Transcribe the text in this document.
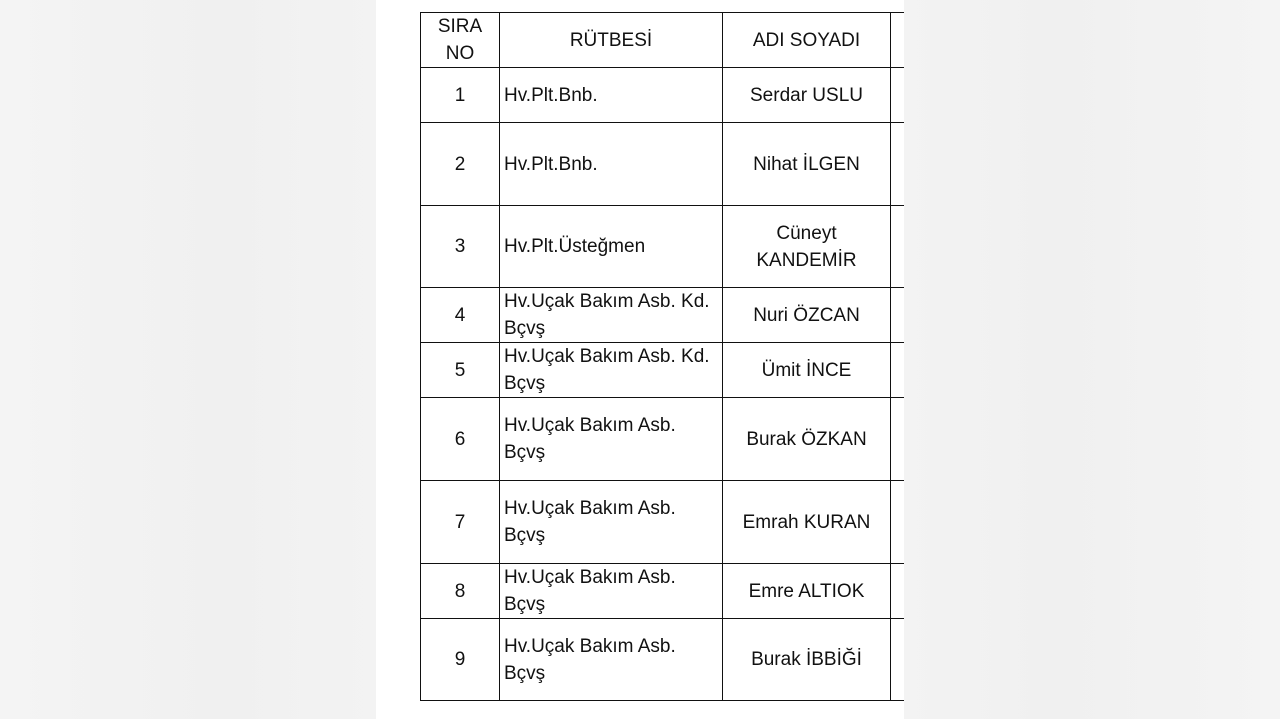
SIRA NO	RÜTBESİ	ADI SOYADI	
1	Hv.Plt.Bnb.	Serdar USLU	
2	Hv.Plt.Bnb.	Nihat İLGEN	
3	Hv.Plt.Üsteğmen	Cüneyt KANDEMİR	
4	Hv.Uçak Bakım Asb. Kd. Bçvş	Nuri ÖZCAN	
5	Hv.Uçak Bakım Asb. Kd. Bçvş	Ümit İNCE	
6	Hv.Uçak Bakım Asb. Bçvş	Burak ÖZKAN	
7	Hv.Uçak Bakım Asb. Bçvş	Emrah KURAN	
8	Hv.Uçak Bakım Asb. Bçvş	Emre ALTIOK	
9	Hv.Uçak Bakım Asb. Bçvş	Burak İBBİĞİ	
